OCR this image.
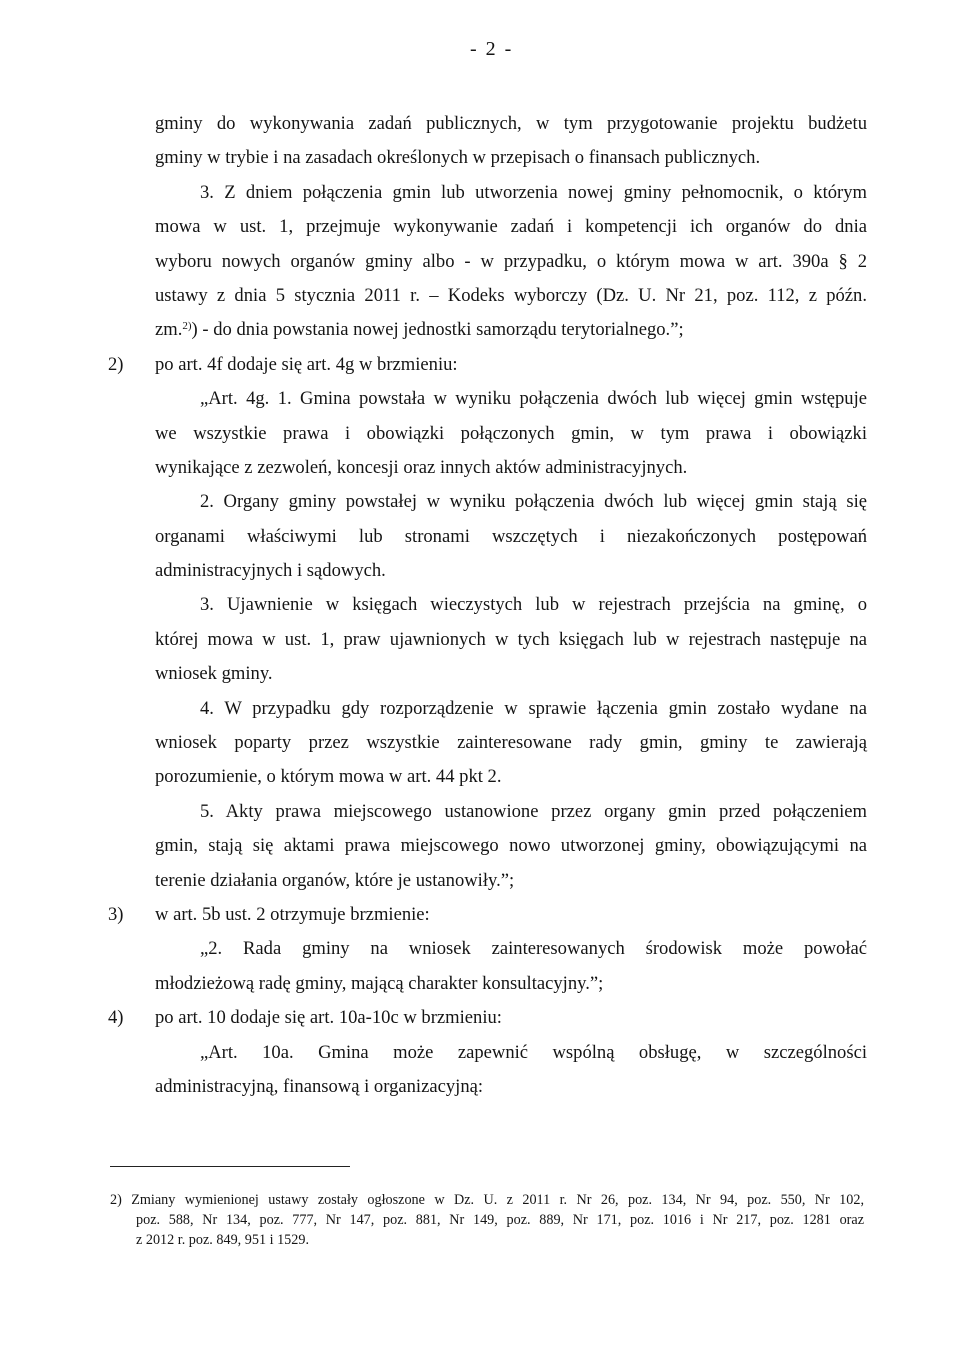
- 2 -
gminy do wykonywania zadań publicznych, w tym przygotowanie projektu budżetu
gminy w trybie i na zasadach określonych w przepisach o finansach publicznych.
3. Z dniem połączenia gmin lub utworzenia nowej gminy pełnomocnik, o którym
mowa w ust. 1, przejmuje wykonywanie zadań i kompetencji ich organów do dnia
wyboru nowych organów gminy albo - w przypadku, o którym mowa w art. 390a § 2
ustawy z dnia 5 stycznia 2011 r. – Kodeks wyborczy (Dz. U. Nr 21, poz. 112, z późn.
zm.$^{2)}$) - do dnia powstania nowej jednostki samorządu terytorialnego.”;
2) po art. 4f dodaje się art. 4g w brzmieniu:
„Art. 4g. 1. Gmina powstała w wyniku połączenia dwóch lub więcej gmin wstępuje
we wszystkie prawa i obowiązki połączonych gmin, w tym prawa i obowiązki
wynikające z zezwoleń, koncesji oraz innych aktów administracyjnych.
2. Organy gminy powstałej w wyniku połączenia dwóch lub więcej gmin stają się
organami właściwymi lub stronami wszczętych i niezakończonych postępowań
administracyjnych i sądowych.
3. Ujawnienie w księgach wieczystych lub w rejestrach przejścia na gminę, o
której mowa w ust. 1, praw ujawnionych w tych księgach lub w rejestrach następuje na
wniosek gminy.
4. W przypadku gdy rozporządzenie w sprawie łączenia gmin zostało wydane na
wniosek poparty przez wszystkie zainteresowane rady gmin, gminy te zawierają
porozumienie, o którym mowa w art. 44 pkt 2.
5. Akty prawa miejscowego ustanowione przez organy gmin przed połączeniem
gmin, stają się aktami prawa miejscowego nowo utworzonej gminy, obowiązującymi na
terenie działania organów, które je ustanowiły.”;
3) w art. 5b ust. 2 otrzymuje brzmienie:
„2. Rada gminy na wniosek zainteresowanych środowisk może powołać
młodzieżową radę gminy, mającą charakter konsultacyjny.”;
4) po art. 10 dodaje się art. 10a-10c w brzmieniu:
„Art. 10a. Gmina może zapewnić wspólną obsługę, w szczególności
administracyjną, finansową i organizacyjną:
2) Zmiany wymienionej ustawy zostały ogłoszone w Dz. U. z 2011 r. Nr 26, poz. 134, Nr 94, poz. 550, Nr 102,
poz. 588, Nr 134, poz. 777, Nr 147, poz. 881, Nr 149, poz. 889, Nr 171, poz. 1016 i Nr 217, poz. 1281 oraz
z 2012 r. poz. 849, 951 i 1529.
